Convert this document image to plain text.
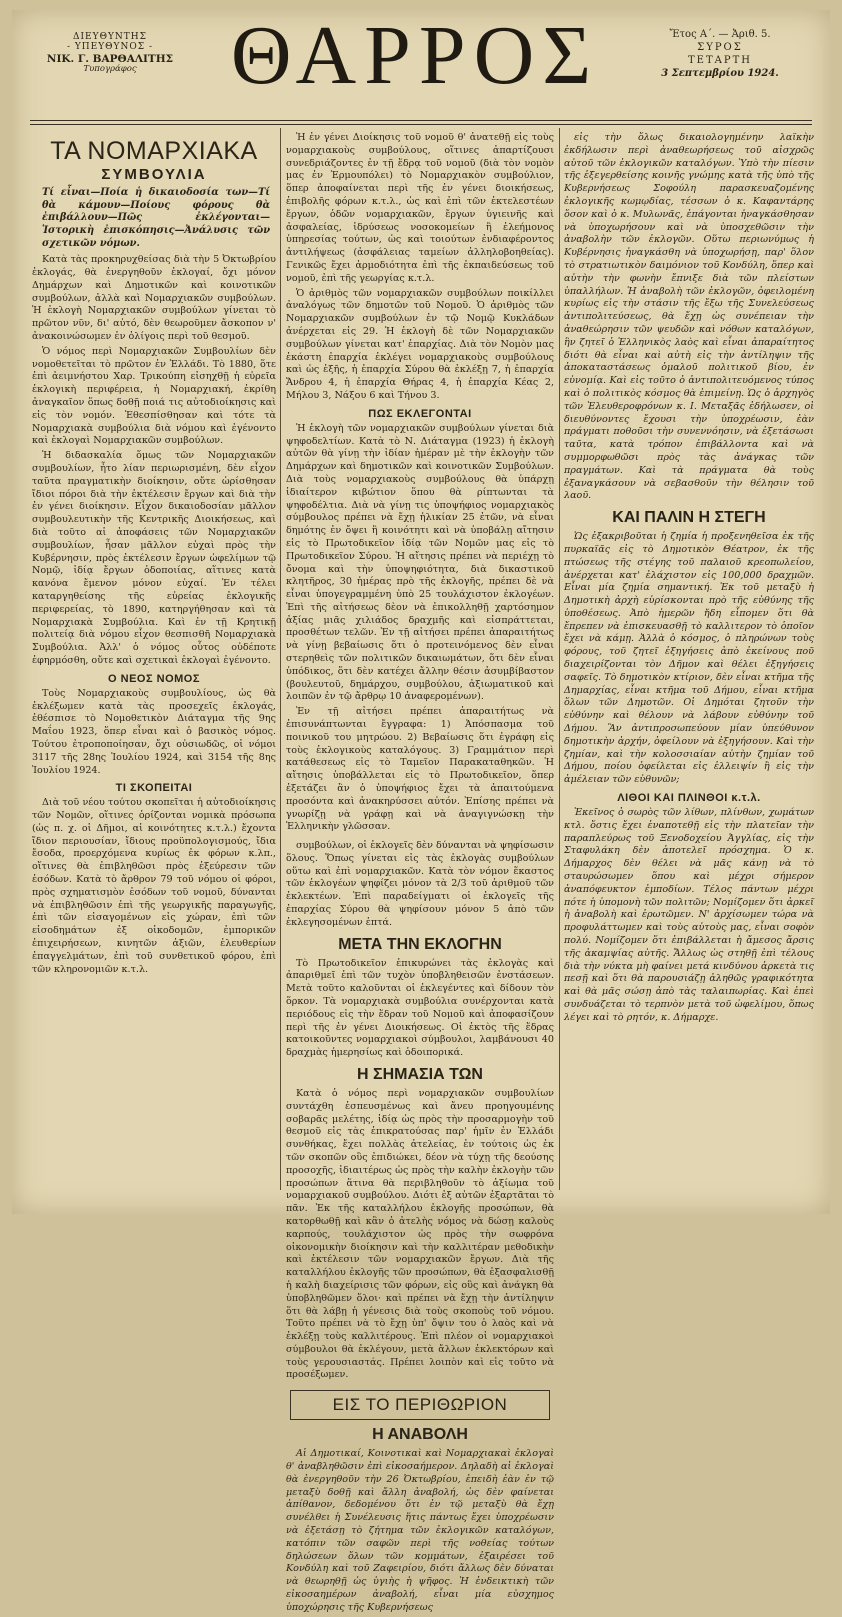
ΔΙΕΥΘΥΝΤΗΣ
- ΥΠΕΥΘΥΝΟΣ -
ΝΙΚ. Γ. ΒΑΡΘΑΛΙΤΗΣ
Τυπογράφος	ΘΑΡΡΟΣ	Ἔτος Α΄. — Ἀριθ. 5.
ΣΥΡΟΣ
ΤΕΤΑΡΤΗ
3 Σεπτεμβρίου 1924.
ΤΑ ΝΟΜΑΡΧΙΑΚΑ
ΣΥΜΒΟΥΛΙΑ
Τί εἶναι—Ποία ἡ δικαιοδοσία των—Τί θὰ κάμουν—Ποίους φόρους θὰ ἐπιβάλλουν—Πῶς ἐκλέγονται—Ἱστορικὴ ἐπισκόπησις—Ἀνάλυσις τῶν σχετικῶν νόμων.

Κατὰ τὰς προκηρυχθείσας διὰ τὴν 5 Ὀκτωβρίου ἐκλογάς, θὰ ἐνεργηθοῦν ἐκλογαί, ὄχι μόνον Δημάρχων καὶ Δημοτικῶν καὶ κοινοτικῶν συμβούλων, ἀλλὰ καὶ Νομαρχιακῶν συμβούλων. Ἡ ἐκλογὴ Νομαρχιακῶν συμβούλων γίνεται τὸ πρῶτον νῦν, δι' αὐτό, δὲν θεωροῦμεν ἄσκοπον ν' ἀνακοινώσωμεν ἐν ὀλίγοις περὶ τοῦ θεσμοῦ.

Ὁ νόμος περὶ Νομαρχιακῶν Συμβουλίων δὲν νομοθετεῖται τὸ πρῶτον ἐν Ἑλλάδι. Τὸ 1880, ὅτε ἐπὶ ἀειμνήστου Χαρ. Τρικούπη εἰσηχθῇ ἡ εὐρεῖα ἐκλογικὴ περιφέρεια, ἡ Νομαρχιακή, ἐκρίθη ἀναγκαῖον ὅπως δοθῇ ποιά τις αὐτοδιοίκησις καὶ εἰς τὸν νομόν. Ἐθεσπίσθησαν καὶ τότε τὰ Νομαρχιακὰ συμβούλια διὰ νόμου καὶ ἐγένοντο καὶ ἐκλογαὶ Νομαρχιακῶν συμβούλων.

Ἡ διδασκαλία ὅμως τῶν Νομαρχιακῶν συμβουλίων, ἦτο λίαν περιωρισμένη, δὲν εἶχον ταῦτα πραγματικὴν διοίκησιν, οὔτε ὡρίσθησαν ἴδιοι πόροι διὰ τὴν ἐκτέλεσιν ἔργων καὶ διὰ τὴν ἐν γένει διοίκησιν. Εἶχον δικαιοδοσίαν μᾶλλον συμβουλευτικὴν τῆς Κεντρικῆς Διοικήσεως, καὶ διὰ τοῦτο αἱ ἀποφάσεις τῶν Νομαρχιακῶν συμβουλίων, ἦσαν μᾶλλον εὐχαὶ πρὸς τὴν Κυβέρνησιν, πρὸς ἐκτέλεσιν ἔργων ὠφελίμων τῷ Νομῷ, ἰδίᾳ ἔργων ὁδοποιίας, αἵτινες κατὰ κανόνα ἔμενον μόνον εὐχαί. Ἐν τέλει καταργηθείσης τῆς εὐρείας ἐκλογικῆς περιφερείας, τὸ 1890, κατηργήθησαν καὶ τὰ Νομαρχιακὰ Συμβούλια. Καὶ ἐν τῇ Κρητικῇ πολιτείᾳ διὰ νόμου εἶχον θεσπισθῆ Νομαρχιακὰ Συμβούλια. Ἀλλ' ὁ νόμος οὗτος οὐδέποτε ἐφηρμόσθη, οὔτε καὶ σχετικαὶ ἐκλογαὶ ἐγένοντο.

Ο ΝΕΟΣ ΝΟΜΟΣ

Τοὺς Νομαρχιακοὺς συμβουλίους, ὡς θὰ ἐκλέξωμεν κατὰ τὰς προσεχεῖς ἐκλογάς, ἐθέσπισε τὸ Νομοθετικὸν Διάταγμα τῆς 9ης Μαΐου 1923, ὅπερ εἶναι καὶ ὁ βασικὸς νόμος. Τούτου ἐτροποποίησαν, ὄχι οὐσιωδῶς, οἱ νόμοι 3117 τῆς 28ης Ἰουλίου 1924, καὶ 3154 τῆς 8ης Ἰουλίου 1924.

ΤΙ ΣΚΟΠΕΙΤΑΙ

Διὰ τοῦ νέου τούτου σκοπεῖται ἡ αὐτοδιοίκησις τῶν Νομῶν, οἵτινες ὁρίζονται νομικὰ πρόσωπα (ὡς π. χ. οἱ Δῆμοι, αἱ κοινότητες κ.τ.λ.) ἔχοντα ἴδιον περιουσίαν, ἴδιους προϋπολογισμούς, ἴδια ἔσοδα, προερχόμενα κυρίως ἐκ φόρων κ.λπ., οἵτινες θὰ ἐπιβληθῶσι πρὸς ἐξεύρεσιν τῶν ἐσόδων. Κατὰ τὸ ἄρθρον 79 τοῦ νόμου οἱ φόροι, πρὸς σχηματισμὸν ἐσόδων τοῦ νομοῦ, δύνανται νὰ ἐπιβληθῶσιν ἐπὶ τῆς γεωργικῆς παραγωγῆς, ἐπὶ τῶν εἰσαγομένων εἰς χώραν, ἐπὶ τῶν εἰσοδημάτων ἐξ οἰκοδομῶν, ἐμπορικῶν ἐπιχειρήσεων, κινητῶν ἀξιῶν, ἐλευθερίων ἐπαγγελμάτων, ἐπὶ τοῦ συνθετικοῦ φόρου, ἐπὶ τῶν κληρονομιῶν κ.τ.λ.

Ἡ ἐν γένει Διοίκησις τοῦ νομοῦ θ' ἀνατεθῇ εἰς τοὺς νομαρχιακοὺς συμβούλους, οἵτινες ἀπαρτίζουσι συνεδριάζοντες ἐν τῇ ἕδρᾳ τοῦ νομοῦ (διὰ τὸν νομὸν μας ἐν Ἑρμουπόλει) τὸ Νομαρχιακὸν συμβούλιον, ὅπερ ἀποφαίνεται περὶ τῆς ἐν γένει διοικήσεως, ἐπιβολῆς φόρων κ.τ.λ., ὡς καὶ ἐπὶ τῶν ἐκτελεστέων ἔργων, ὁδῶν νομαρχιακῶν, ἔργων ὑγιεινῆς καὶ ἀσφαλείας, ἰδρύσεως νοσοκομείων ἢ ἐλεήμονος ὑπηρεσίας τούτων, ὡς καὶ τοιούτων ἐνδιαφέροντος ἀντιλήψεως (ἀσφάλειας ταμείων ἀλληλοβοηθείας). Γενικῶς ἔχει ἁρμοδιότητα ἐπὶ τῆς ἐκπαιδεύσεως τοῦ νομοῦ, ἐπὶ τῆς γεωργίας κ.τ.λ.

Ὁ ἀριθμὸς τῶν νομαρχιακῶν συμβούλων ποικίλλει ἀναλόγως τῶν δημοτῶν τοῦ Νομοῦ. Ὁ ἀριθμὸς τῶν Νομαρχιακῶν συμβούλων ἐν τῷ Νομῷ Κυκλάδων ἀνέρχεται εἰς 29. Ἡ ἐκλογὴ δὲ τῶν Νομαρχιακῶν συμβούλων γίνεται κατ' ἐπαρχίας. Διὰ τὸν Νομὸν μας ἑκάστη ἐπαρχία ἐκλέγει νομαρχιακοὺς συμβούλους καὶ ὡς ἑξῆς, ἡ ἐπαρχία Σύρου θὰ ἐκλέξῃ 7, ἡ ἐπαρχία Ἄνδρου 4, ἡ ἐπαρχία Θήρας 4, ἡ ἐπαρχία Κέας 2, Μήλου 3, Νάξου 6 καὶ Τήνου 3.

ΠΩΣ ΕΚΛΕΓΟΝΤΑΙ

Ἡ ἐκλογὴ τῶν νομαρχιακῶν συμβούλων γίνεται διὰ ψηφοδελτίων. Κατὰ τὸ Ν. Διάταγμα (1923) ἡ ἐκλογὴ αὐτῶν θὰ γίνῃ τὴν ἰδίαν ἡμέραν μὲ τὴν ἐκλογὴν τῶν Δημάρχων καὶ δημοτικῶν καὶ κοινοτικῶν Συμβούλων. Διὰ τοὺς νομαρχιακοὺς συμβούλους θὰ ὑπάρχῃ ἰδιαίτερον κιβώτιον ὅπου θὰ ρίπτωνται τὰ ψηφοδέλτια. Διὰ νὰ γίνῃ τις ὑποψήφιος νομαρχιακὸς σύμβουλος πρέπει νὰ ἔχῃ ἡλικίαν 25 ἐτῶν, νὰ εἶναι δημότης ἐν ὄψει ἢ κοινότητι καὶ νὰ ὑποβάλῃ αἴτησιν εἰς τὸ Πρωτοδικεῖον ἰδίᾳ τῶν Νομῶν μας εἰς τὸ Πρωτοδικεῖον Σύρου. Ἡ αἴτησις πρέπει νὰ περιέχῃ τὸ ὄνομα καὶ τὴν ὑποψηφιότητα, διὰ δικαστικοῦ κλητῆρος, 30 ἡμέρας πρὸ τῆς ἐκλογῆς, πρέπει δὲ νὰ εἶναι ὑπογεγραμμένη ὑπὸ 25 τουλάχιστον ἐκλογέων. Ἐπὶ τῆς αἰτήσεως δὲον νὰ ἐπικολληθῇ χαρτόσημον ἀξίας μιᾶς χιλιάδος δραχμῆς καὶ εἰσπράττεται, προσθέτων τελῶν. Ἐν τῇ αἰτήσει πρέπει ἀπαραιτήτως νὰ γίνῃ βεβαίωσις ὅτι ὁ προτεινόμενος δὲν εἶναι στερηθεὶς τῶν πολιτικῶν δικαιωμάτων, ὅτι δὲν εἶναι ὑπόδικος, ὅτι δὲν κατέχει ἄλλην θέσιν ἀσυμβίβαστον (βουλευτοῦ, δημάρχου, συμβούλου, ἀξιωματικοῦ καὶ λοιπῶν ἐν τῷ ἄρθρῳ 10 ἀναφερομένων).

Ἐν τῇ αἰτήσει πρέπει ἀπαραιτήτως νὰ ἐπισυνάπτωνται ἔγγραφα: 1) Ἀπόσπασμα τοῦ ποινικοῦ του μητρώου. 2) Βεβαίωσις ὅτι ἐγράφη εἰς τοὺς ἐκλογικοὺς καταλόγους. 3) Γραμμάτιον περὶ κατάθεσεως εἰς τὸ Ταμεῖον Παρακαταθηκῶν. Ἡ αἴτησις ὑποβάλλεται εἰς τὸ Πρωτοδικεῖον, ὅπερ ἐξετάζει ἂν ὁ ὑποψήφιος ἔχει τὰ ἀπαιτούμενα προσόντα καὶ ἀνακηρύσσει αὐτόν. Ἐπίσης πρέπει νὰ γνωρίζῃ νὰ γράφῃ καὶ νὰ ἀναγιγνώσκῃ τὴν Ἑλληνικὴν γλῶσσαν.

συμβούλων, οἱ ἐκλογεῖς δὲν δύνανται νὰ ψηφίσωσιν ὅλους. Ὅπως γίνεται εἰς τὰς ἐκλογὰς συμβούλων οὕτω καὶ ἐπὶ νομαρχιακῶν. Κατὰ τὸν νόμον ἕκαστος τῶν ἐκλογέων ψηφίζει μόνον τὰ 2/3 τοῦ ἀριθμοῦ τῶν ἐκλεκτέων. Ἐπὶ παραδείγματι οἱ ἐκλογεῖς τῆς ἐπαρχίας Σύρου θὰ ψηφίσουν μόνον 5 ἀπὸ τῶν ἐκλεγησομένων ἑπτά.

ΜΕΤΑ ΤΗΝ ΕΚΛΟΓΗΝ

Τὸ Πρωτοδικεῖον ἐπικυρώνει τὰς ἐκλογὰς καὶ ἀπαριθμεῖ ἐπὶ τῶν τυχὸν ὑποβληθεισῶν ἐνστάσεων. Μετὰ τοῦτο καλοῦνται οἱ ἐκλεγέντες καὶ δίδουν τὸν ὅρκον. Τὰ νομαρχιακὰ συμβούλια συνέρχονται κατὰ περιόδους εἰς τὴν ἕδραν τοῦ Νομοῦ καὶ ἀποφασίζουν περὶ τῆς ἐν γένει Διοικήσεως. Οἱ ἐκτὸς τῆς ἕδρας κατοικοῦντες νομαρχιακοὶ σύμβουλοι, λαμβάνουσι 40 δραχμὰς ἡμερησίως καὶ ὁδοιπορικά.

Η ΣΗΜΑΣΙΑ ΤΩΝ

Κατὰ ὁ νόμος περὶ νομαρχιακῶν συμβουλίων συντάχθη ἐσπευσμένως καὶ ἄνευ προηγουμένης σοβαρᾶς μελέτης, ἰδίᾳ ὡς πρὸς τὴν προσαρμογὴν τοῦ θεσμοῦ εἰς τὰς ἐπικρατούσας παρ' ἡμῖν ἐν Ἑλλάδι συνθήκας, ἔχει πολλὰς ἀτελείας, ἐν τούτοις ὡς ἐκ τῶν σκοπῶν οὓς ἐπιδιώκει, δέον νὰ τύχῃ τῆς δεούσης προσοχῆς, ἰδιαιτέρως ὡς πρὸς τὴν καλὴν ἐκλογὴν τῶν προσώπων ἅτινα θὰ περιβληθοῦν τὸ ἀξίωμα τοῦ νομαρχιακοῦ συμβούλου. Διότι ἐξ αὐτῶν ἐξαρτᾶται τὸ πᾶν. Ἐκ τῆς καταλλήλου ἐκλογῆς προσώπων, θὰ κατορθωθῇ καὶ κἂν ὁ ἀτελὴς νόμος νὰ δώσῃ καλοὺς καρπούς, τουλάχιστον ὡς πρὸς τὴν σωφρόνα οἰκονομικὴν διοίκησιν καὶ τὴν καλλιτέραν μεθοδικὴν καὶ ἐκτέλεσιν τῶν νομαρχιακῶν ἔργων. Διὰ τῆς καταλλήλου ἐκλογῆς τῶν προσώπων, θὰ ἐξασφαλισθῇ ἡ καλὴ διαχείρισις τῶν φόρων, εἰς οὓς καὶ ἀνάγκη θὰ ὑποβληθῶμεν ὅλοι· καὶ πρέπει νὰ ἔχῃ τὴν ἀντίληψιν ὅτι θὰ λάβῃ ἡ γένεσις διὰ τοὺς σκοποὺς τοῦ νόμου. Τοῦτο πρέπει νὰ τὸ ἔχῃ ὑπ' ὄψιν του ὁ λαὸς καὶ νὰ ἐκλέξῃ τοὺς καλλιτέρους. Ἐπὶ πλέον οἱ νομαρχιακοὶ σύμβουλοι θὰ ἐκλέγουν, μετὰ ἄλλων ἐκλεκτόρων καὶ τοὺς γερουσιαστάς. Πρέπει λοιπὸν καὶ εἰς τοῦτο νὰ προσέξωμεν.

ΕΙΣ ΤΟ ΠΕΡΙΘΩΡΙΟΝ
Η ΑΝΑΒΟΛΗ

Αἱ Δημοτικαί, Κοινοτικαὶ καὶ Νομαρχιακαὶ ἐκλογαὶ θ' ἀναβληθῶσιν ἐπὶ εἰκοσαήμερον. Δηλαδὴ αἱ ἐκλογαὶ θὰ ἐνεργηθοῦν τὴν 26 Ὀκτωβρίου, ἐπειδὴ ἐὰν ἐν τῷ μεταξὺ δοθῇ καὶ ἄλλη ἀναβολή, ὡς δὲν φαίνεται ἀπίθανον, δεδομένου ὅτι ἐν τῷ μεταξὺ θὰ ἔχῃ συνέλθει ἡ Συνέλευσις ἥτις πάντως ἔχει ὑποχρέωσιν νὰ ἐξετάσῃ τὸ ζήτημα τῶν ἐκλογικῶν καταλόγων, κατόπιν τῶν σαφῶν περὶ τῆς νοθείας τούτων δηλώσεων ὅλων τῶν κομμάτων, ἐξαιρέσει τοῦ Κονδύλη καὶ τοῦ Ζαφειρίου, διότι ἄλλως δὲν δύναται νὰ θεωρηθῇ ὡς ὑγιὴς ἡ ψῆφος. Ἡ ἐνδεικτικὴ τῶν εἰκοσαημέρων ἀναβολή, εἶναι μία εὐσχημος ὑποχώρησις τῆς Κυβερνήσεως

εἰς τὴν ὅλως δικαιολογημένην λαϊκὴν ἐκδήλωσιν περὶ ἀναθεωρήσεως τοῦ αἰσχρῶς αὐτοῦ τῶν ἐκλογικῶν καταλόγων. Ὑπὸ τὴν πίεσιν τῆς ἐξεγερθείσης κοινῆς γνώμης κατὰ τῆς ὑπὸ τῆς Κυβερνήσεως Σοφούλη παρασκευαζομένης ἐκλογικῆς κωμῳδίας, τέσσων ὁ κ. Καφαντάρης ὅσον καὶ ὁ κ. Μυλωνᾶς, ἐπάγονται ἠναγκάσθησαν νὰ ὑποχωρήσουν καὶ νὰ ὑποσχεθῶσιν τὴν ἀναβολὴν τῶν ἐκλογῶν. Οὕτω περιωνύμως ἡ Κυβέρνησις ἠναγκάσθη νὰ ὑποχωρήσῃ, παρ' ὅλον τὸ στρατιωτικὸν δαιμόνιον τοῦ Κονδύλη, ὅπερ καὶ αὐτὴν τὴν φωνὴν ἔπνιξε διὰ τῶν πλείστων ὑπαλλήλων. Ἡ ἀναβολὴ τῶν ἐκλογῶν, ὀφειλομένη κυρίως εἰς τὴν στάσιν τῆς ἔξω τῆς Συνελεύσεως ἀντιπολιτεύσεως, θὰ ἔχῃ ὡς συνέπειαν τὴν ἀναθεώρησιν τῶν ψευδῶν καὶ νόθων καταλόγων, ἣν ζητεῖ ὁ Ἑλληνικὸς λαὸς καὶ εἶναι ἀπαραίτητος διότι θὰ εἶναι καὶ αὐτὴ εἰς τὴν ἀντίληψιν τῆς ἀποκαταστάσεως ὁμαλοῦ πολιτικοῦ βίου, ἐν εὐνομίᾳ. Καὶ εἰς τοῦτο ὁ ἀντιπολιτευόμενος τύπος καὶ ὁ πολιτικὸς κόσμος θὰ ἐπιμείνῃ. Ὡς ὁ ἀρχηγὸς τῶν Ἐλευθεροφρόνων κ. Ι. Μεταξᾶς ἐδήλωσεν, οἱ διευθύνοντες ἔχουσι τὴν ὑποχρέωσιν, ἐὰν πράγματι ποθοῦσι τὴν συνεννόησιν, νὰ ἐξετάσωσι ταῦτα, κατὰ τρόπον ἐπιβάλλοντα καὶ νὰ συμμορφωθῶσι πρὸς τὰς ἀνάγκας τῶν πραγμάτων. Καὶ τὰ πράγματα θὰ τοὺς ἐξαναγκάσουν νὰ σεβασθοῦν τὴν θέλησιν τοῦ λαοῦ.

ΚΑΙ ΠΑΛΙΝ Η ΣΤΕΓΗ

Ὡς ἐξακριβοῦται ἡ ζημία ἡ προξενηθεῖσα ἐκ τῆς πυρκαϊᾶς εἰς τὸ Δημοτικὸν Θέατρον, ἐκ τῆς πτώσεως τῆς στέγης τοῦ παλαιοῦ κρεοπωλείου, ἀνέρχεται κατ' ἐλάχιστον εἰς 100,000 δραχμῶν. Εἶναι μία ζημία σημαντική. Ἐκ τοῦ μεταξὺ ἡ Δημοτικὴ ἀρχὴ εὑρίσκονται πρὸ τῆς εὐθύνης τῆς ὑποθέσεως. Ἀπὸ ἡμερῶν ἤδη εἶπομεν ὅτι θὰ ἔπρεπεν νὰ ἐπισκευασθῇ τὸ καλλιτερον τὸ ὁποῖον ἔχει νὰ κάμῃ. Ἀλλὰ ὁ κόσμος, ὁ πληρώνων τοὺς φόρους, τοῦ ζητεῖ ἐξηγήσεις ἀπὸ ἐκείνους ποῦ διαχειρίζονται τὸν Δῆμον καὶ θέλει ἐξηγήσεις σαφεῖς. Τὸ δημοτικὸν κτίριον, δὲν εἶναι κτῆμα τῆς Δημαρχίας, εἶναι κτῆμα τοῦ Δήμου, εἶναι κτῆμα ὅλων τῶν Δημοτῶν. Οἱ Δημόται ζητοῦν τὴν εὐθύνην καὶ θέλουν νὰ λάβουν εὐθύνην τοῦ Δήμου. Ἂν ἀντιπροσωπεύουν μίαν ὑπεύθυνον δημοτικὴν ἀρχήν, ὀφείλουν νὰ ἐξηγήσουν. Καὶ τὴν ζημίαν, καὶ τὴν κολοσσιαίαν αὐτὴν ζημίαν τοῦ Δήμου, ποίου ὀφείλεται εἰς ἐλλειψίν ἢ εἰς τὴν ἀμέλειαν τῶν εὐθυνῶν;

ΛΙΘΟΙ ΚΑΙ ΠΛΙΝΘΟΙ κ.τ.λ.

Ἐκεῖνος ὁ σωρὸς τῶν λίθων, πλίνθων, χωμάτων κτλ. ὅστις ἔχει ἐναποτεθῇ εἰς τὴν πλατεῖαν τὴν παραπλεύρως τοῦ Ξενοδοχείου Ἀγγλίας, εἰς τὴν Σταφυλάκη δὲν ἀποτελεῖ πρόσχημα. Ὁ κ. Δήμαρχος δὲν θέλει νὰ μᾶς κάνῃ νὰ τὸ σταυρώσωμεν ὅπου καὶ μέχρι σήμερον ἀναπόφευκτον ἐμποδίων. Τέλος πάντων μέχρι πότε ἡ ὑπομονὴ τῶν πολιτῶν; Νομίζομεν ὅτι ἀρκεῖ ἡ ἀναβολὴ καὶ ἐρωτῶμεν. Ν' ἀρχίσωμεν τώρα νὰ προφυλάττωμεν καὶ τοὺς αὐτοὺς μας, εἶναι σοφὸν πολύ. Νομίζομεν ὅτι ἐπιβάλλεται ἡ ἄμεσος ἄρσις τῆς ἀκαμψίας αὐτῆς. Ἄλλως ὡς στηθῇ ἐπὶ τέλους διὰ τὴν νύκτα μὴ φαίνει μετά κινδύνου ἀρκετὰ τις πεσῇ καὶ ὅτι θὰ παρουσιάζῃ ἀληθῶς γραφικότητα καὶ θὰ μᾶς σώσῃ ἀπὸ τὰς ταλαιπωρίας. Καὶ ἐπεὶ συνδυάζεται τὸ τερπνὸν μετὰ τοῦ ὠφελίμου, ὅπως λέγει καὶ τὸ ρητόν, κ. Δήμαρχε.
